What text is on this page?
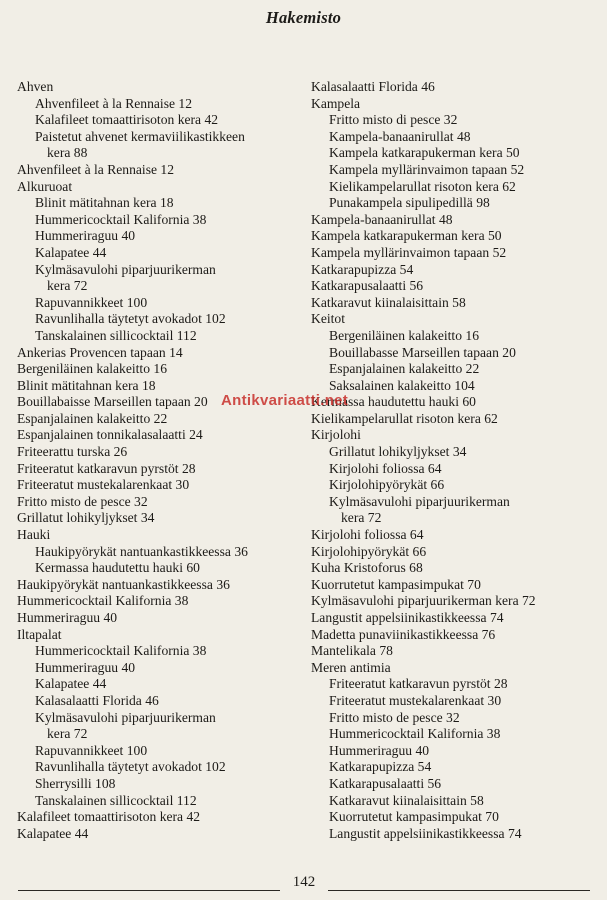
Hakemisto
Ahven
Ahvenfileet à la Rennaise 12
Kalafileet tomaattirisoton kera 42
Paistetut ahvenet kermaviilikastikkeen
kera 88
Ahvenfileet à la Rennaise 12
Alkuruoat
Blinit mätitahnan kera 18
Hummericocktail Kalifornia 38
Hummeriraguu 40
Kalapatee 44
Kylmäsavulohi piparjuurikerman
kera 72
Rapuvannikkeet 100
Ravunlihalla täytetyt avokadot 102
Tanskalainen sillicocktail 112
Ankerias Provencen tapaan 14
Bergeniläinen kalakeitto 16
Blinit mätitahnan kera 18
Bouillabaisse Marseillen tapaan 20
Espanjalainen kalakeitto 22
Espanjalainen tonnikalasalaatti 24
Friteerattu turska 26
Friteeratut katkaravun pyrstöt 28
Friteeratut mustekalarenkaat 30
Fritto misto de pesce 32
Grillatut lohikyljykset 34
Hauki
Haukipyörykät nantuankastikkeessa 36
Kermassa haudutettu hauki 60
Haukipyörykät nantuankastikkeessa 36
Hummericocktail Kalifornia 38
Hummeriraguu 40
Iltapalat
Hummericocktail Kalifornia 38
Hummeriraguu 40
Kalapatee 44
Kalasalaatti Florida 46
Kylmäsavulohi piparjuurikerman
kera 72
Rapuvannikkeet 100
Ravunlihalla täytetyt avokadot 102
Sherrysilli 108
Tanskalainen sillicocktail 112
Kalafileet tomaattirisoton kera 42
Kalapatee 44
Kalasalaatti Florida 46
Kampela
Fritto misto di pesce 32
Kampela-banaanirullat 48
Kampela katkarapukerman kera 50
Kampela myllärinvaimon tapaan 52
Kielikampelarullat risoton kera 62
Punakampela sipulipedillä 98
Kampela-banaanirullat 48
Kampela katkarapukerman kera 50
Kampela myllärinvaimon tapaan 52
Katkarapupizza 54
Katkarapusalaatti 56
Katkaravut kiinalaisittain 58
Keitot
Bergeniläinen kalakeitto 16
Bouillabasse Marseillen tapaan 20
Espanjalainen kalakeitto 22
Saksalainen kalakeitto 104
Kermassa haudutettu hauki 60
Kielikampelarullat risoton kera 62
Kirjolohi
Grillatut lohikyljykset 34
Kirjolohi foliossa 64
Kirjolohipyörykät 66
Kylmäsavulohi piparjuurikerman
kera 72
Kirjolohi foliossa 64
Kirjolohipyörykät 66
Kuha Kristoforus 68
Kuorrutetut kampasimpukat 70
Kylmäsavulohi piparjuurikerman kera 72
Langustit appelsiinikastikkeessa 74
Madetta punaviinikastikkeessa 76
Mantelikala 78
Meren antimia
Friteeratut katkaravun pyrstöt 28
Friteeratut mustekalarenkaat 30
Fritto misto de pesce 32
Hummericocktail Kalifornia 38
Hummeriraguu 40
Katkarapupizza 54
Katkarapusalaatti 56
Katkaravut kiinalaisittain 58
Kuorrutetut kampasimpukat 70
Langustit appelsiinikastikkeessa 74
Antikvariaatti.net
142
